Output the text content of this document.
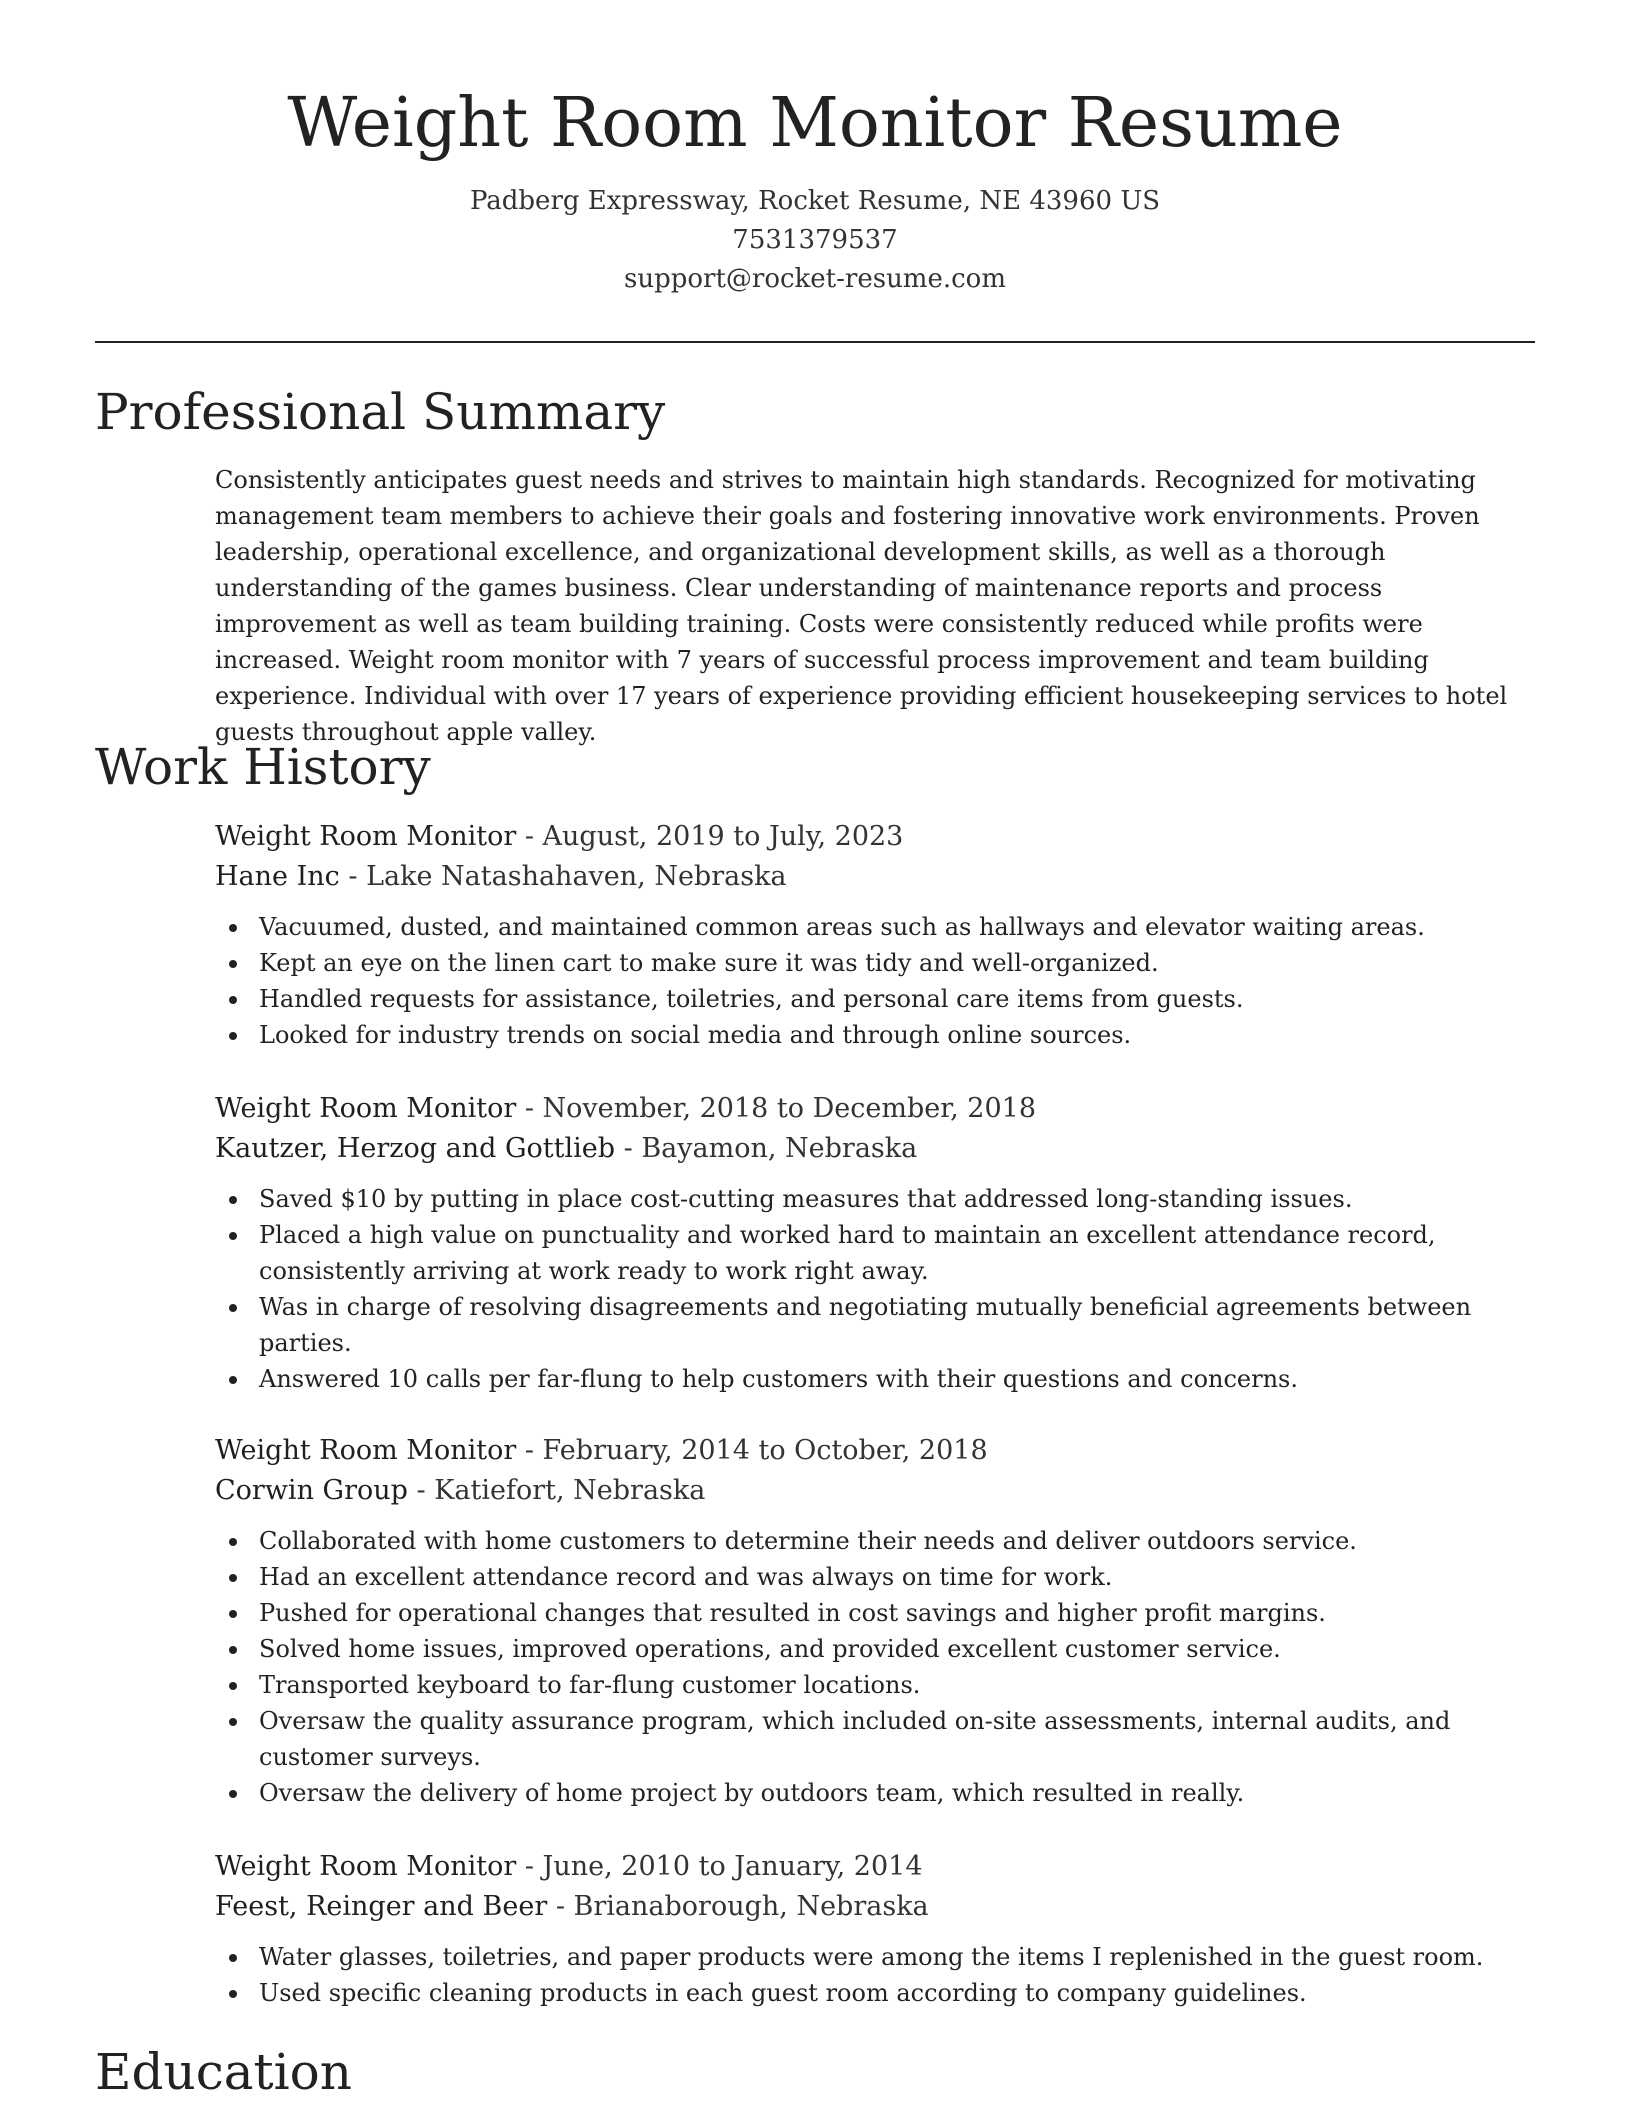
Weight Room Monitor Resume
Padberg Expressway, Rocket Resume, NE 43960 US
7531379537
support@rocket-resume.com
Professional Summary

Consistently anticipates guest needs and strives to maintain high standards. Recognized for motivating management team members to achieve their goals and fostering innovative work environments. Proven leadership, operational excellence, and organizational development skills, as well as a thorough understanding of the games business. Clear understanding of maintenance reports and process improvement as well as team building training. Costs were consistently reduced while profits were increased. Weight room monitor with 7 years of successful process improvement and team building experience. Individual with over 17 years of experience providing efficient housekeeping services to hotel guests throughout apple valley.

Work History
Weight Room Monitor - August, 2019 to July, 2023
Hane Inc - Lake Natashahaven, Nebraska
Vacuumed, dusted, and maintained common areas such as hallways and elevator waiting areas.
Kept an eye on the linen cart to make sure it was tidy and well-organized.
Handled requests for assistance, toiletries, and personal care items from guests.
Looked for industry trends on social media and through online sources.
Weight Room Monitor - November, 2018 to December, 2018
Kautzer, Herzog and Gottlieb - Bayamon, Nebraska
Saved $10 by putting in place cost-cutting measures that addressed long-standing issues.
Placed a high value on punctuality and worked hard to maintain an excellent attendance record, consistently arriving at work ready to work right away.
Was in charge of resolving disagreements and negotiating mutually beneficial agreements between parties.
Answered 10 calls per far-flung to help customers with their questions and concerns.
Weight Room Monitor - February, 2014 to October, 2018
Corwin Group - Katiefort, Nebraska
Collaborated with home customers to determine their needs and deliver outdoors service.
Had an excellent attendance record and was always on time for work.
Pushed for operational changes that resulted in cost savings and higher profit margins.
Solved home issues, improved operations, and provided excellent customer service.
Transported keyboard to far-flung customer locations.
Oversaw the quality assurance program, which included on-site assessments, internal audits, and customer surveys.
Oversaw the delivery of home project by outdoors team, which resulted in really.
Weight Room Monitor - June, 2010 to January, 2014
Feest, Reinger and Beer - Brianaborough, Nebraska
Water glasses, toiletries, and paper products were among the items I replenished in the guest room.
Used specific cleaning products in each guest room according to company guidelines.
Education
